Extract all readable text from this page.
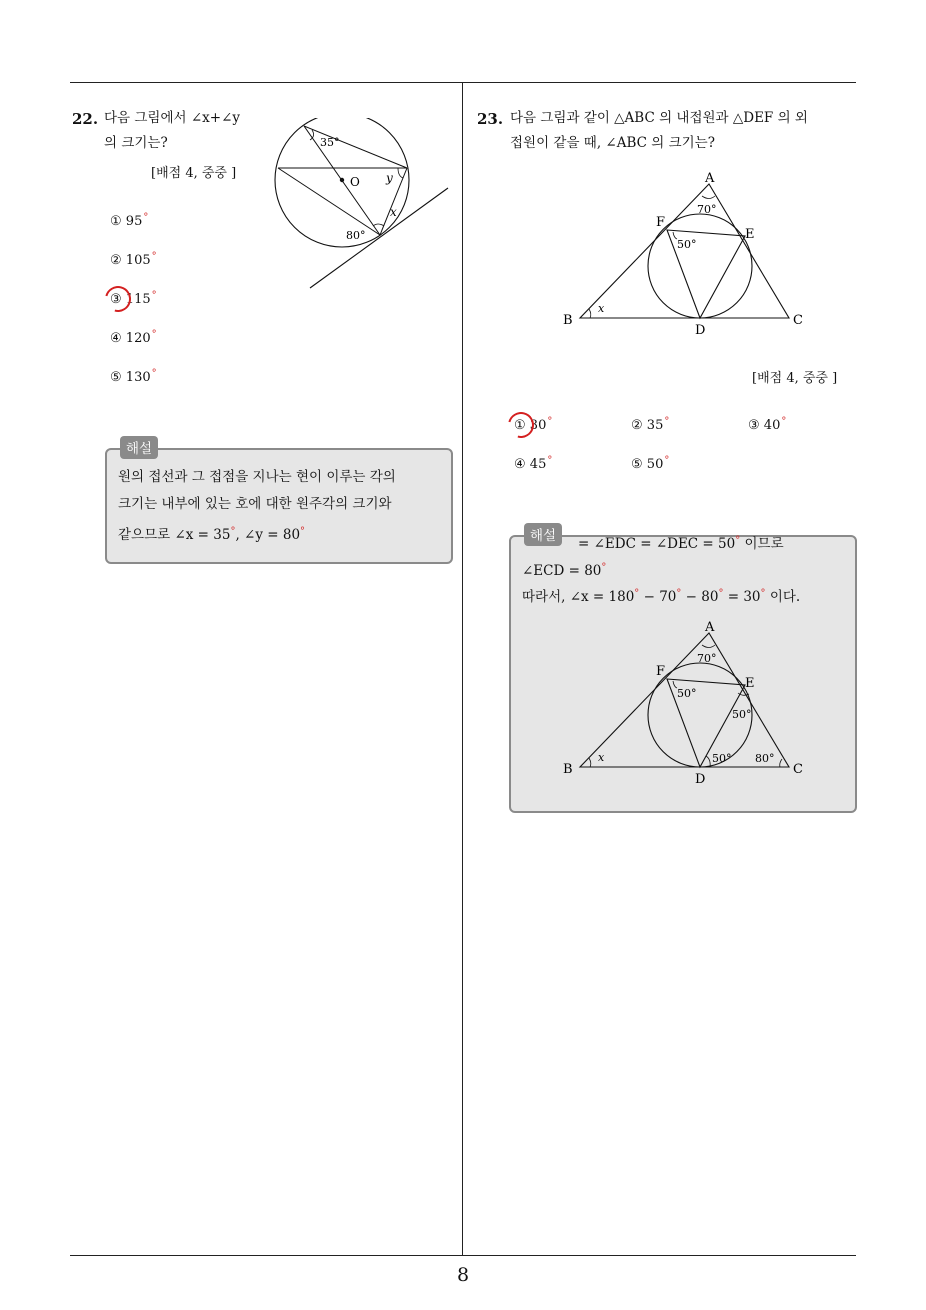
8
22. 다음 그림에서 ∠x+∠y
의 크기는?
[배점 4, 중중 ]
① 95°
② 105°
③ 115°
④ 120°
⑤ 130°
O
35°
y
x
80°
해설
원의 접선과 그 접점을 지나는 현이 이루는 각의
크기는 내부에 있는 호에 대한 원주각의 크기와
같으므로 ∠x = 35°, ∠y = 80°
23. 다음 그림과 같이 △ABC 의 내접원과 △DEF 의 외
접원이 같을 때, ∠ABC 의 크기는?
A
B	C
D
E
F
70°
50°
x
[배점 4, 중중 ]
① 30°	② 35°	③ 40°
④ 45°	⑤ 50°
해설	= ∠EDC = ∠DEC = 50° 이므로
∠ECD = 80°
따라서, ∠x = 180° − 70° − 80° = 30° 이다.
A
B	C
D
E
F
70°
50°
50°
50° 80°
x
